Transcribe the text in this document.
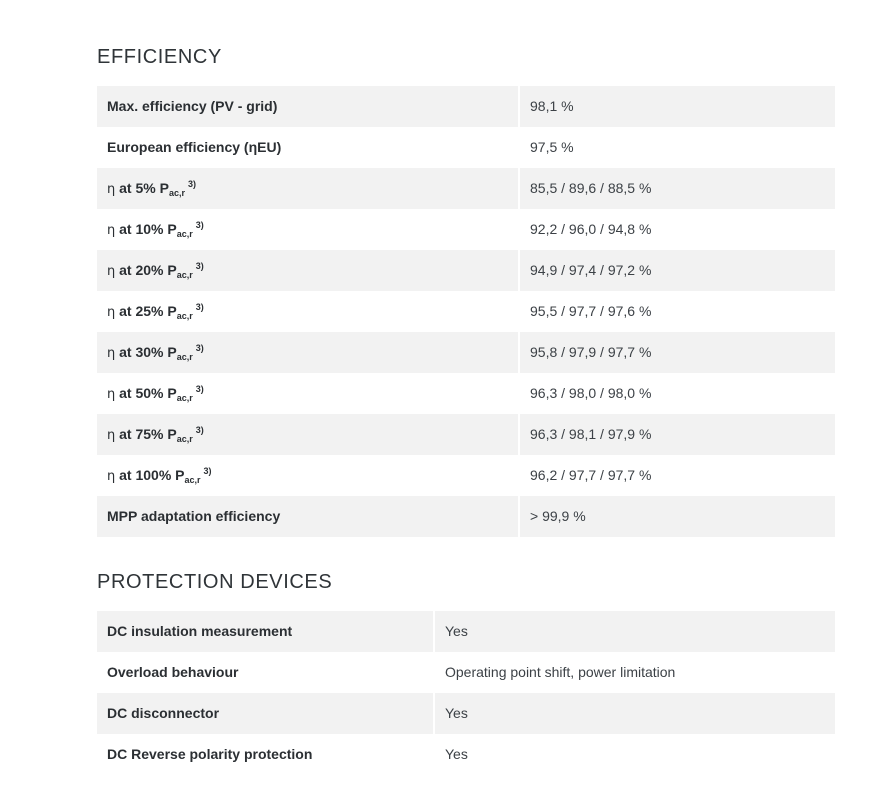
EFFICIENCY
Max. efficiency (PV - grid)	98,1 %
European efficiency (ηEU)	97,5 %
η at 5% $P_{ac,r}^{3)}$	85,5 / 89,6 / 88,5 %
η at 10% $P_{ac,r}^{3)}$	92,2 / 96,0 / 94,8 %
η at 20% $P_{ac,r}^{3)}$	94,9 / 97,4 / 97,2 %
η at 25% $P_{ac,r}^{3)}$	95,5 / 97,7 / 97,6 %
η at 30% $P_{ac,r}^{3)}$	95,8 / 97,9 / 97,7 %
η at 50% $P_{ac,r}^{3)}$	96,3 / 98,0 / 98,0 %
η at 75% $P_{ac,r}^{3)}$	96,3 / 98,1 / 97,9 %
η at 100% $P_{ac,r}^{3)}$	96,2 / 97,7 / 97,7 %
MPP adaptation efficiency	> 99,9 %
PROTECTION DEVICES
DC insulation measurement	Yes
Overload behaviour	Operating point shift, power limitation
DC disconnector	Yes
DC Reverse polarity protection	Yes
